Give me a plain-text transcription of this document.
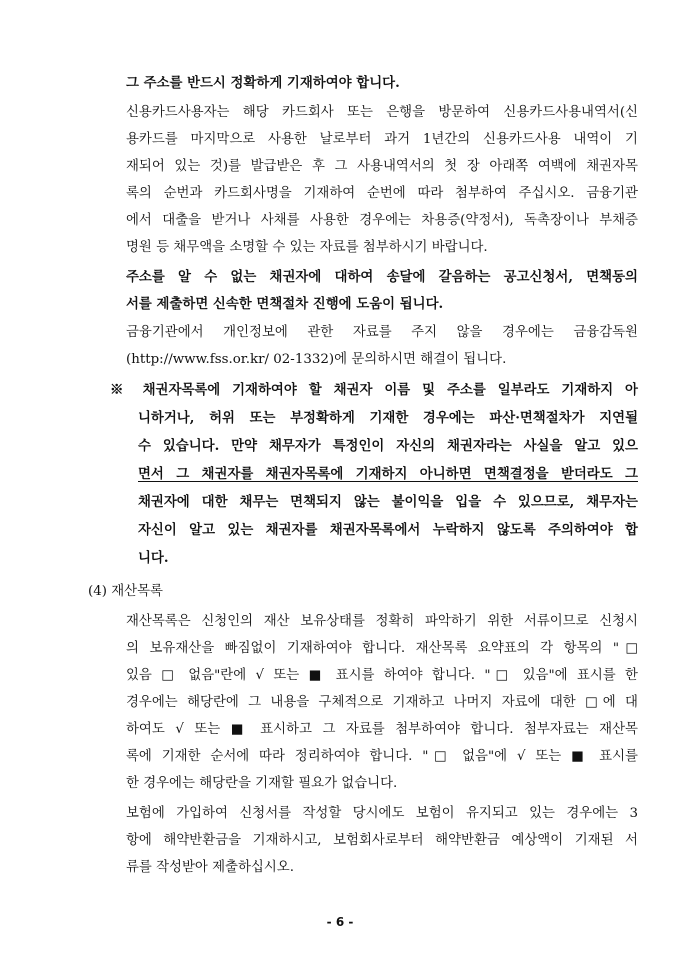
그 주소를 반드시 정확하게 기재하여야 합니다.
신용카드사용자는 해당 카드회사 또는 은행을 방문하여 신용카드사용내역서(신
용카드를 마지막으로 사용한 날로부터 과거 1년간의 신용카드사용 내역이 기
재되어 있는 것)를 발급받은 후 그 사용내역서의 첫 장 아래쪽 여백에 채권자목
록의 순번과 카드회사명을 기재하여 순번에 따라 첨부하여 주십시오. 금융기관
에서 대출을 받거나 사채를 사용한 경우에는 차용증(약정서), 독촉장이나 부채증
명원 등 채무액을 소명할 수 있는 자료를 첨부하시기 바랍니다.
주소를 알 수 없는 채권자에 대하여 송달에 갈음하는 공고신청서, 면책동의
서를 제출하면 신속한 면책절차 진행에 도움이 됩니다.
금융기관에서 개인정보에 관한 자료를 주지 않을 경우에는 금융감독원
(http://www.fss.or.kr/ 02-1332)에 문의하시면 해결이 됩니다.
※ 채권자목록에 기재하여야 할 채권자 이름 및 주소를 일부라도 기재하지 아
니하거나, 허위 또는 부정확하게 기재한 경우에는 파산·면책절차가 지연될
수 있습니다. 만약 채무자가 특정인이 자신의 채권자라는 사실을 알고 있으
면서 그 채권자를 채권자목록에 기재하지 아니하면 면책결정을 받더라도 그
채권자에 대한 채무는 면책되지 않는 불이익을 입을 수 있으므로, 채무자는
자신이 알고 있는 채권자를 채권자목록에서 누락하지 않도록 주의하여야 합
니다.
(4) 재산목록
재산목록은 신청인의 재산 보유상태를 정확히 파악하기 위한 서류이므로 신청시
의 보유재산을 빠짐없이 기재하여야 합니다. 재산목록 요약표의 각 항목의 "□
있음 □ 없음"란에 √ 또는 ■ 표시를 하여야 합니다. "□ 있음"에 표시를 한
경우에는 해당란에 그 내용을 구체적으로 기재하고 나머지 자료에 대한 □에 대
하여도 √ 또는 ■ 표시하고 그 자료를 첨부하여야 합니다. 첨부자료는 재산목
록에 기재한 순서에 따라 정리하여야 합니다. "□ 없음"에 √ 또는 ■ 표시를
한 경우에는 해당란을 기재할 필요가 없습니다.
보험에 가입하여 신청서를 작성할 당시에도 보험이 유지되고 있는 경우에는 3
항에 해약반환금을 기재하시고, 보험회사로부터 해약반환금 예상액이 기재된 서
류를 작성받아 제출하십시오.
- 6 -
